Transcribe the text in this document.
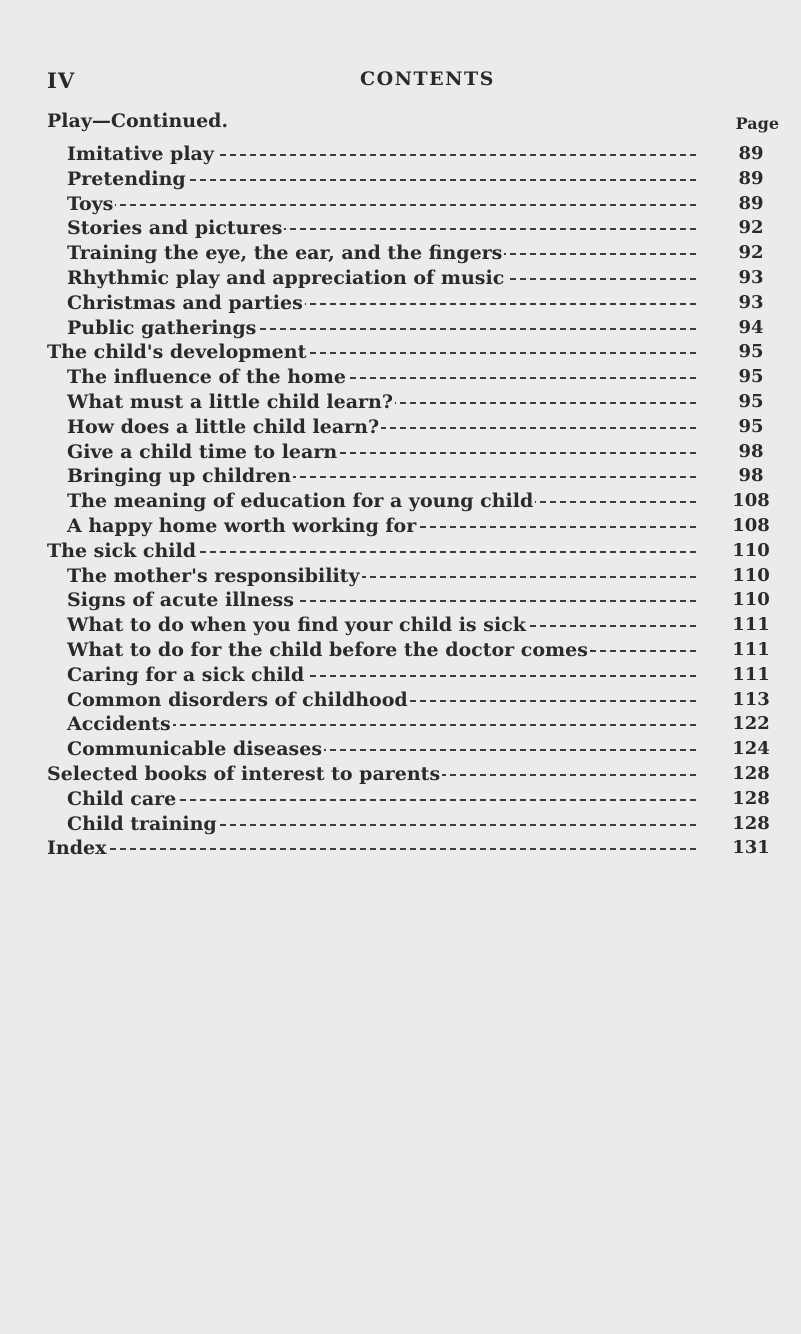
IV	CONTENTS
Play—Continued.	Page
Imitative play	89
Pretending	89
Toys	89
Stories and pictures	92
Training the eye, the ear, and the fingers	92
Rhythmic play and appreciation of music	93
Christmas and parties	93
Public gatherings	94
The child's development	95
The influence of the home	95
What must a little child learn?	95
How does a little child learn?	95
Give a child time to learn	98
Bringing up children	98
The meaning of education for a young child	108
A happy home worth working for	108
The sick child	110
The mother's responsibility	110
Signs of acute illness	110
What to do when you find your child is sick	111
What to do for the child before the doctor comes	111
Caring for a sick child	111
Common disorders of childhood	113
Accidents	122
Communicable diseases	124
Selected books of interest to parents	128
Child care	128
Child training	128
Index	131
